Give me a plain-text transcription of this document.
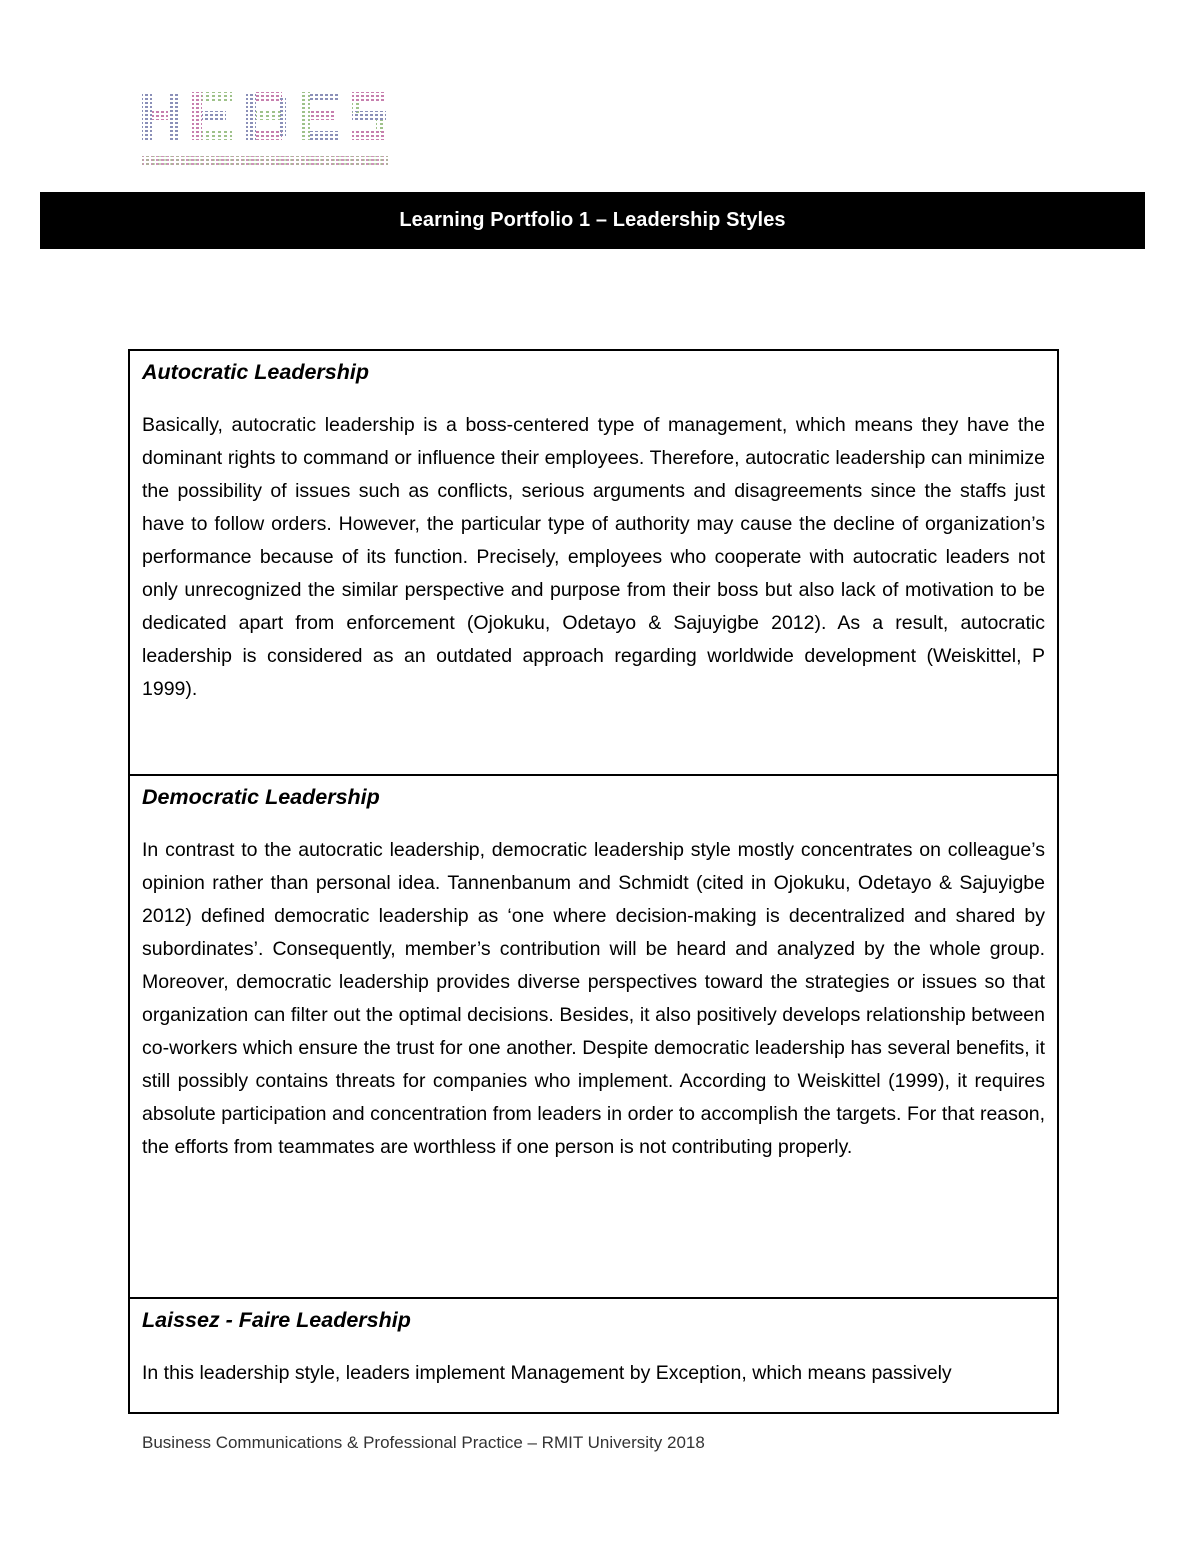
Learning Portfolio 1 – Leadership Styles
Autocratic Leadership

Basically, autocratic leadership is a boss-centered type of management, which means they have the dominant rights to command or influence their employees. Therefore, autocratic leadership can minimize the possibility of issues such as conflicts, serious arguments and disagreements since the staffs just have to follow orders. However, the particular type of authority may cause the decline of organization’s performance because of its function. Precisely, employees who cooperate with autocratic leaders not only unrecognized the similar perspective and purpose from their boss but also lack of motivation to be dedicated apart from enforcement (Ojokuku, Odetayo & Sajuyigbe 2012). As a result, autocratic leadership is considered as an outdated approach regarding worldwide development (Weiskittel, P 1999).

Democratic Leadership

In contrast to the autocratic leadership, democratic leadership style mostly concentrates on colleague’s opinion rather than personal idea. Tannenbanum and Schmidt (cited in Ojokuku, Odetayo & Sajuyigbe 2012) defined democratic leadership as ‘one where decision-making is decentralized and shared by subordinates’. Consequently, member’s contribution will be heard and analyzed by the whole group. Moreover, democratic leadership provides diverse perspectives toward the strategies or issues so that organization can filter out the optimal decisions. Besides, it also positively develops relationship between co-workers which ensure the trust for one another. Despite democratic leadership has several benefits, it still possibly contains threats for companies who implement. According to Weiskittel (1999), it requires absolute participation and concentration from leaders in order to accomplish the targets. For that reason, the efforts from teammates are worthless if one person is not contributing properly.

Laissez - Faire Leadership

In this leadership style, leaders implement Management by Exception, which means passively

Business Communications & Professional Practice – RMIT University 2018
